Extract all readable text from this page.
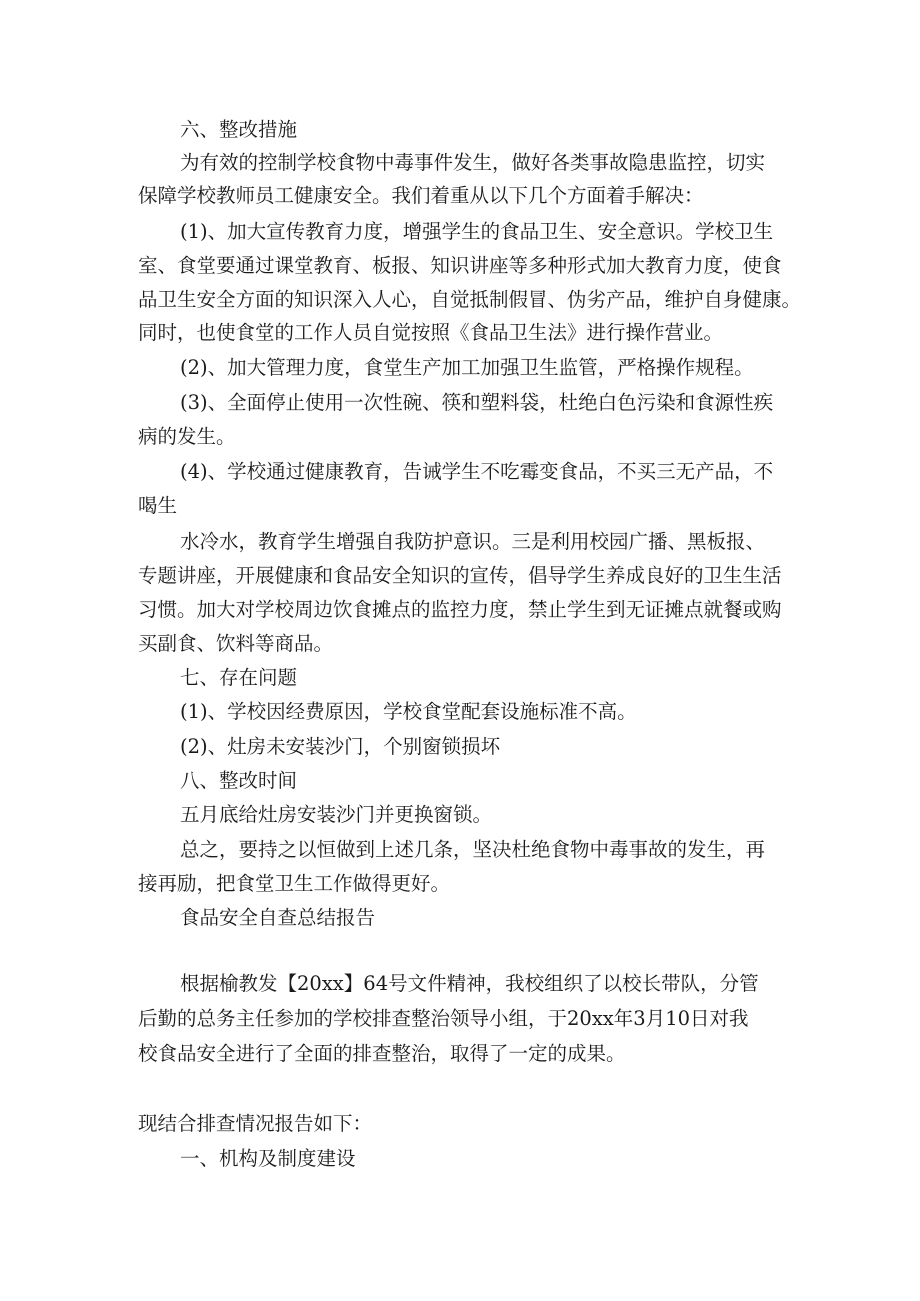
六、整改措施

为有效的控制学校食物中毒事件发生，做好各类事故隐患监控，切实

保障学校教师员工健康安全。我们着重从以下几个方面着手解决：

(1)、加大宣传教育力度，增强学生的食品卫生、安全意识。学校卫生

室、食堂要通过课堂教育、板报、知识讲座等多种形式加大教育力度，使食

品卫生安全方面的知识深入人心，自觉抵制假冒、伪劣产品，维护自身健康。

同时，也使食堂的工作人员自觉按照《食品卫生法》进行操作营业。

(2)、加大管理力度，食堂生产加工加强卫生监管，严格操作规程。

(3)、全面停止使用一次性碗、筷和塑料袋，杜绝白色污染和食源性疾

病的发生。

(4)、学校通过健康教育，告诫学生不吃霉变食品，不买三无产品，不

喝生

水冷水，教育学生增强自我防护意识。三是利用校园广播、黑板报、

专题讲座，开展健康和食品安全知识的宣传，倡导学生养成良好的卫生生活

习惯。加大对学校周边饮食摊点的监控力度，禁止学生到无证摊点就餐或购

买副食、饮料等商品。

七、存在问题

(1)、学校因经费原因，学校食堂配套设施标准不高。

(2)、灶房未安装沙门，个别窗锁损坏

八、整改时间

五月底给灶房安装沙门并更换窗锁。

总之，要持之以恒做到上述几条，坚决杜绝食物中毒事故的发生，再

接再励，把食堂卫生工作做得更好。

食品安全自查总结报告

根据榆教发【20xx】64号文件精神，我校组织了以校长带队，分管

后勤的总务主任参加的学校排查整治领导小组，于20xx年3月10日对我

校食品安全进行了全面的排查整治，取得了一定的成果。

现结合排查情况报告如下：

一、机构及制度建设
